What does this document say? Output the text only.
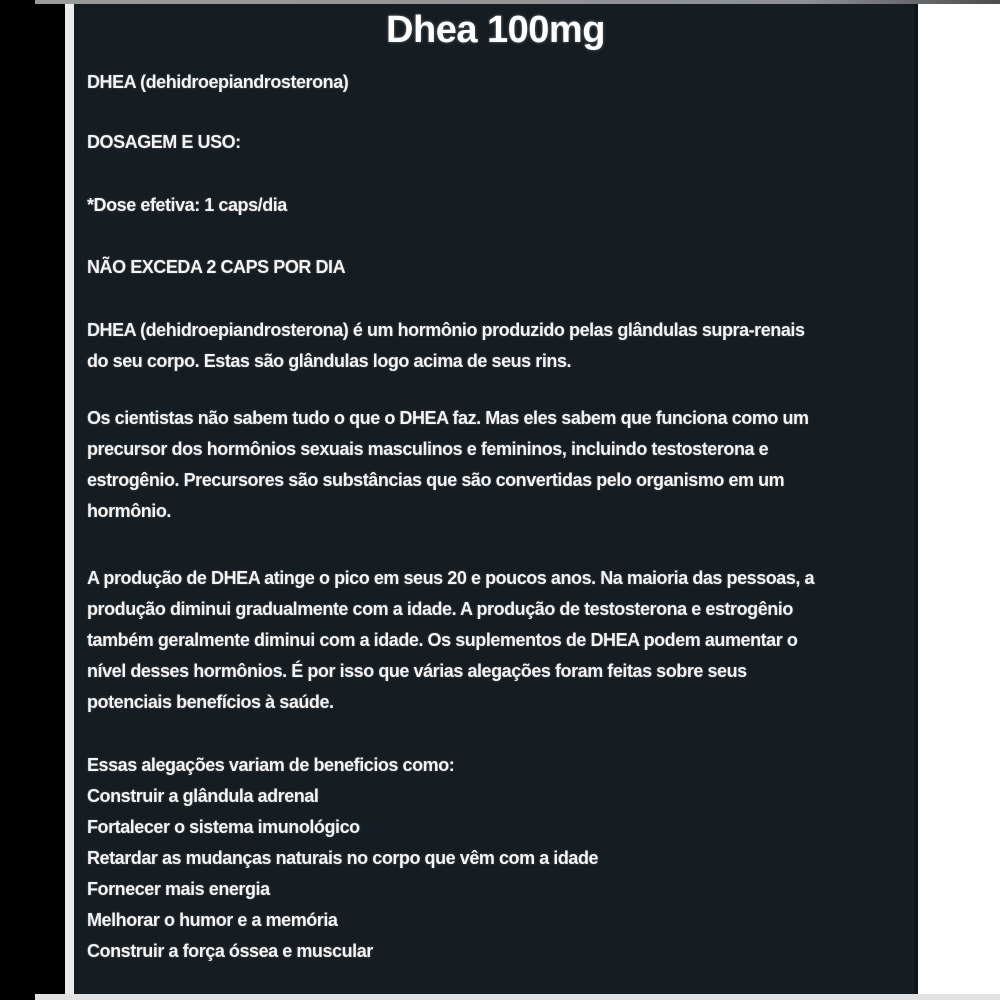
Dhea 100mg
DHEA (dehidroepiandrosterona)
DOSAGEM E USO:
*Dose efetiva: 1 caps/dia
NÃO EXCEDA 2 CAPS POR DIA
DHEA (dehidroepiandrosterona) é um hormônio produzido pelas glândulas supra-renais
do seu corpo. Estas são glândulas logo acima de seus rins.
Os cientistas não sabem tudo o que o DHEA faz. Mas eles sabem que funciona como um
precursor dos hormônios sexuais masculinos e femininos, incluindo testosterona e
estrogênio. Precursores são substâncias que são convertidas pelo organismo em um
hormônio.
A produção de DHEA atinge o pico em seus 20 e poucos anos. Na maioria das pessoas, a
produção diminui gradualmente com a idade. A produção de testosterona e estrogênio
também geralmente diminui com a idade. Os suplementos de DHEA podem aumentar o
nível desses hormônios. É por isso que várias alegações foram feitas sobre seus
potenciais benefícios à saúde.
Essas alegações variam de beneficios como:
Construir a glândula adrenal
Fortalecer o sistema imunológico
Retardar as mudanças naturais no corpo que vêm com a idade
Fornecer mais energia
Melhorar o humor e a memória
Construir a força óssea e muscular
